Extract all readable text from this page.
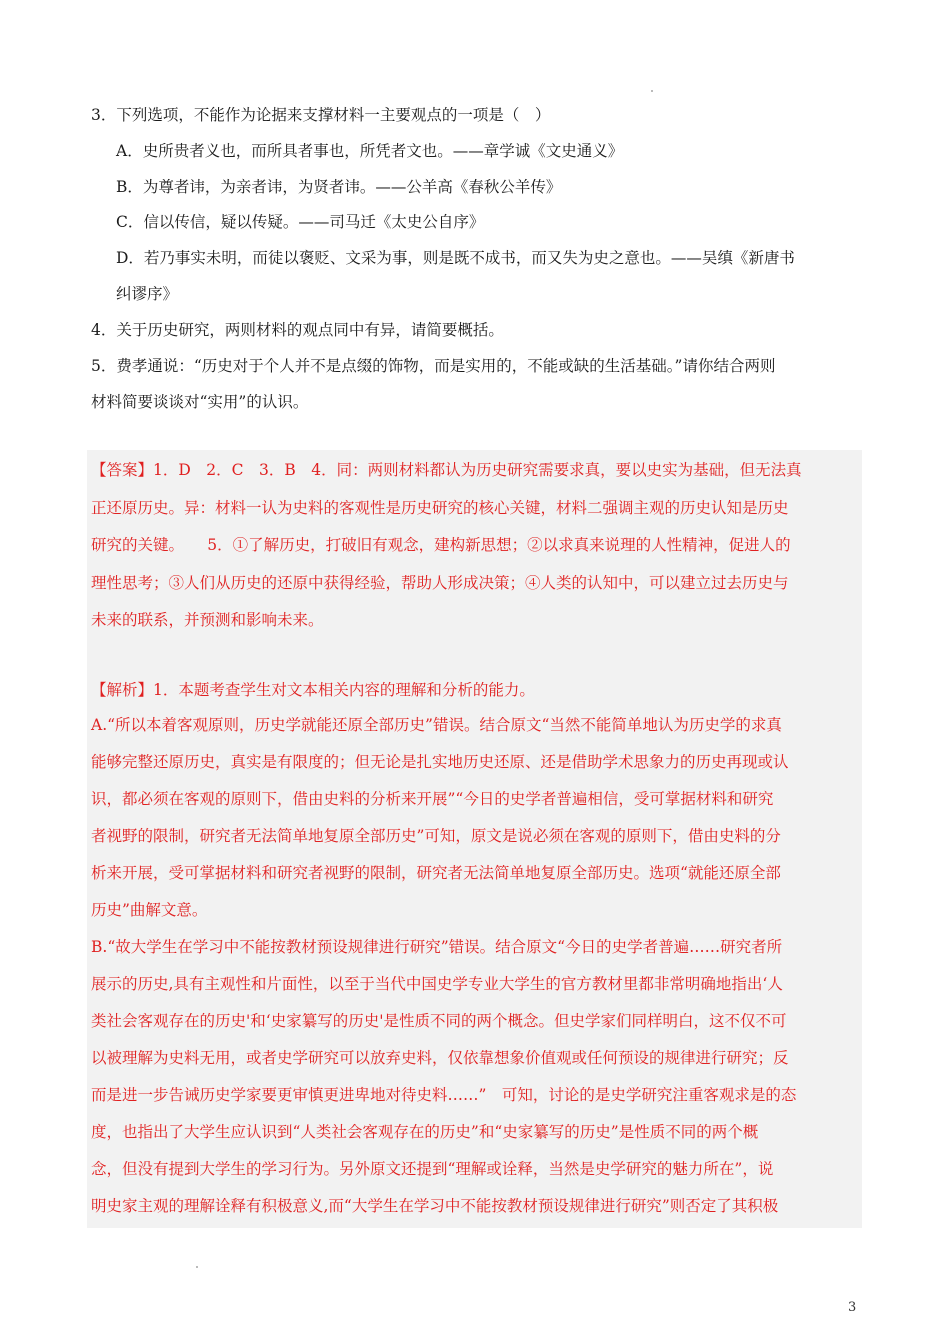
3．下列选项，不能作为论据来支撑材料一主要观点的一项是（　）

A．史所贵者义也，而所具者事也，所凭者文也。——章学诚《文史通义》

B．为尊者讳，为亲者讳，为贤者讳。——公羊高《春秋公羊传》

C．信以传信，疑以传疑。——司马迁《太史公自序》

D．若乃事实未明，而徒以褒贬、文采为事，则是既不成书，而又失为史之意也。——吴缜《新唐书

纠谬序》

4．关于历史研究，两则材料的观点同中有异，请简要概括。

5．费孝通说：“历史对于个人并不是点缀的饰物，而是实用的，不能或缺的生活基础。”请你结合两则

材料简要谈谈对“实用”的认识。

【答案】1．D　2．C　3．B　4．同：两则材料都认为历史研究需要求真，要以史实为基础，但无法真

正还原历史。异：材料一认为史料的客观性是历史研究的核心关键，材料二强调主观的历史认知是历史

研究的关键。　　5．①了解历史，打破旧有观念，建构新思想；②以求真来说理的人性精神，促进人的

理性思考；③人们从历史的还原中获得经验，帮助人形成决策；④人类的认知中，可以建立过去历史与

未来的联系，并预测和影响未来。

【解析】1．本题考查学生对文本相关内容的理解和分析的能力。

A.“所以本着客观原则，历史学就能还原全部历史”错误。结合原文“当然不能简单地认为历史学的求真

能够完整还原历史，真实是有限度的；但无论是扎实地历史还原、还是借助学术思象力的历史再现或认

识，都必须在客观的原则下，借由史料的分析来开展”“今日的史学者普遍相信，受可掌据材料和研究

者视野的限制，研究者无法简单地复原全部历史”可知，原文是说必须在客观的原则下，借由史料的分

析来开展，受可掌据材料和研究者视野的限制，研究者无法简单地复原全部历史。选项“就能还原全部

历史”曲解文意。

B.“故大学生在学习中不能按教材预设规律进行研究”错误。结合原文“今日的史学者普遍……研究者所

展示的历史,具有主观性和片面性，以至于当代中国史学专业大学生的官方教材里都非常明确地指出‘人

类社会客观存在的历史'和‘史家纂写的历史'是性质不同的两个概念。但史学家们同样明白，这不仅不可

以被理解为史料无用，或者史学研究可以放弃史料，仅依靠想象价值观或任何预设的规律进行研究；反

而是进一步告诫历史学家要更审慎更进卑地对待史料……”　可知，讨论的是史学研究注重客观求是的态

度，也指出了大学生应认识到“人类社会客观存在的历史”和“史家纂写的历史”是性质不同的两个概

念，但没有提到大学生的学习行为。另外原文还提到“理解或诠释，当然是史学研究的魅力所在”，说

明史家主观的理解诠释有积极意义,而“大学生在学习中不能按教材预设规律进行研究”则否定了其积极

3
